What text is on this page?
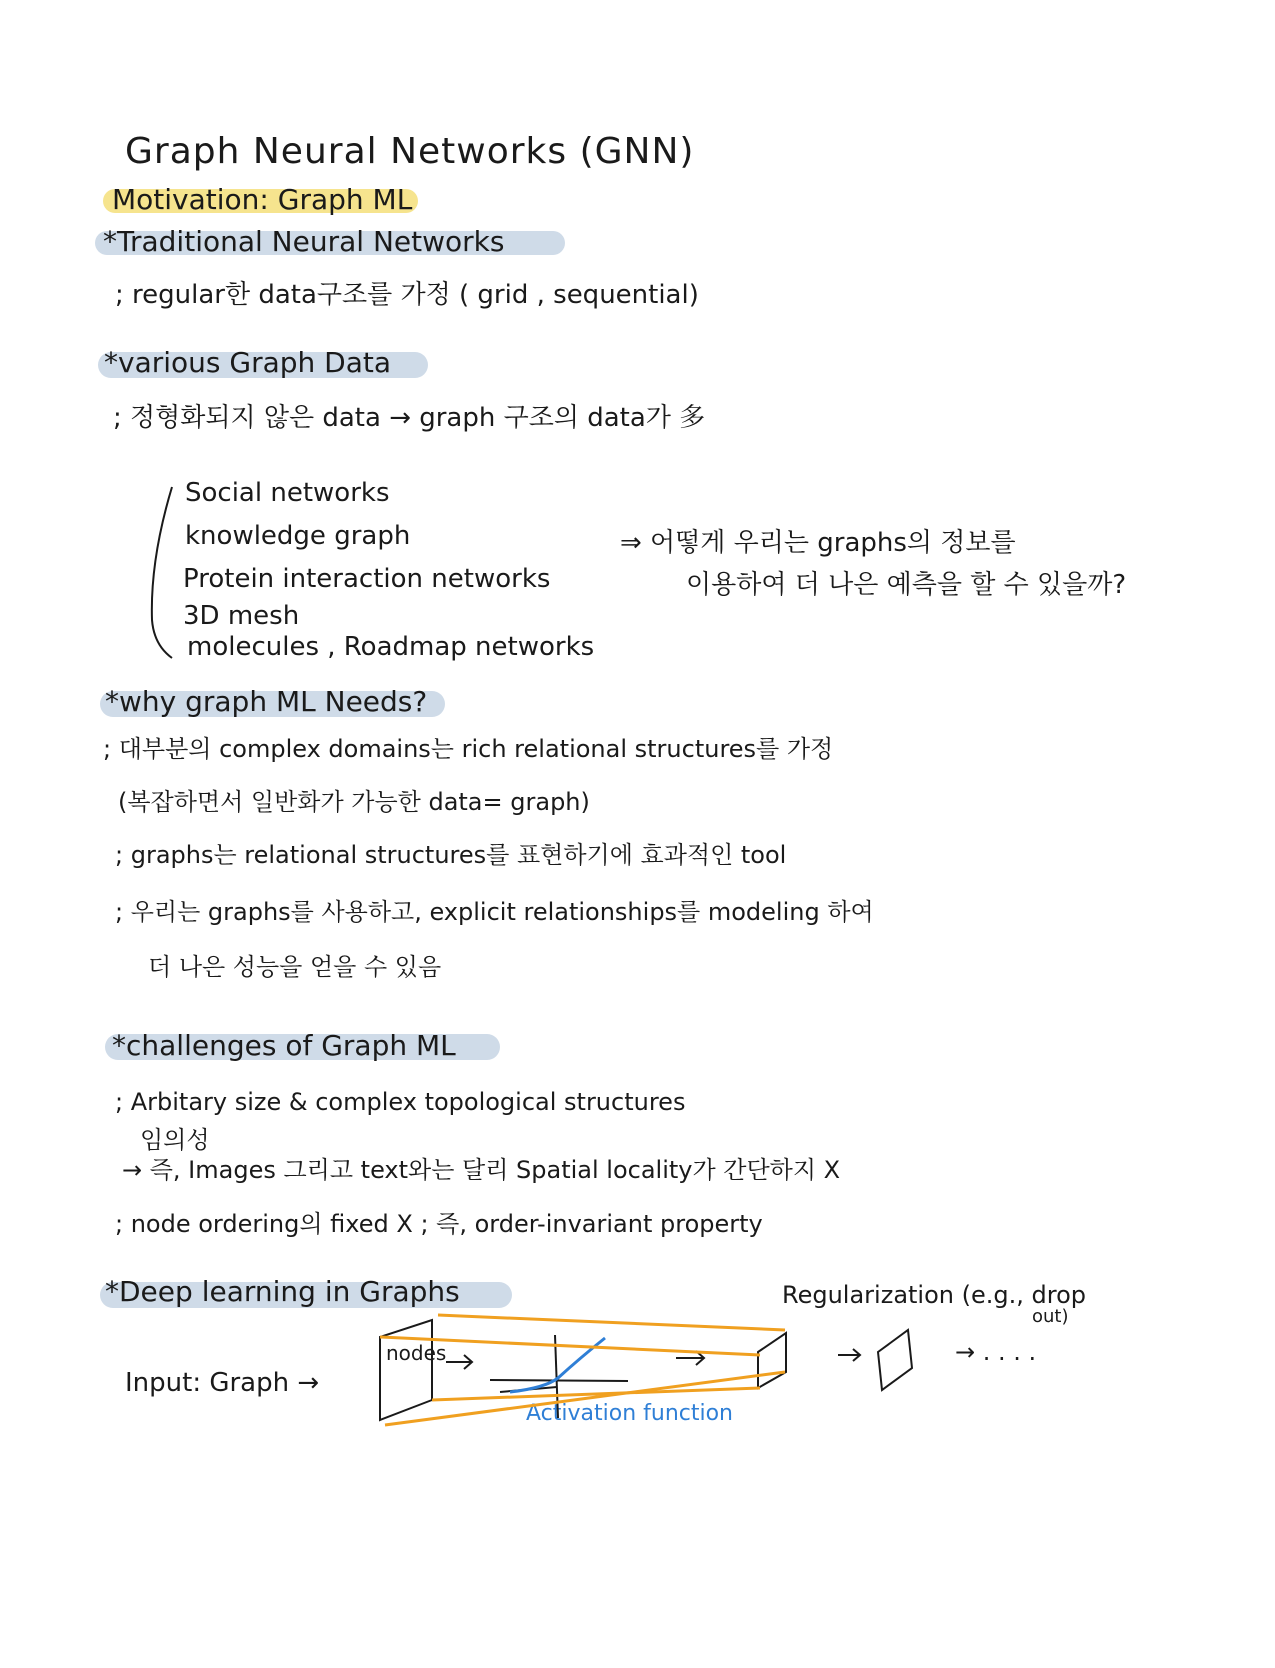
Graph Neural Networks (GNN)
Motivation: Graph ML
*Traditional Neural Networks
; regular한 data구조를 가정 ( grid , sequential)
*various Graph Data
; 정형화되지 않은 data → graph 구조의 data가 多
Social networks
knowledge graph
Protein interaction networks
3D mesh
molecules , Roadmap networks
⇒ 어떻게 우리는 graphs의 정보를
이용하여 더 나은 예측을 할 수 있을까?
*why graph ML Needs?
; 대부분의 complex domains는 rich relational structures를 가정
(복잡하면서 일반화가 가능한 data= graph)
; graphs는 relational structures를 표현하기에 효과적인 tool
; 우리는 graphs를 사용하고, explicit relationships를 modeling 하여
더 나은 성능을 얻을 수 있음
*challenges of Graph ML
; Arbitary size & complex topological structures
임의성
→ 즉, Images 그리고 text와는 달리 Spatial locality가 간단하지 X
; node ordering의 fixed X ; 즉, order-invariant property
*Deep learning in Graphs	Regularization (e.g., drop
out)
Input: Graph →
nodes
Activation function
→ . . . .
